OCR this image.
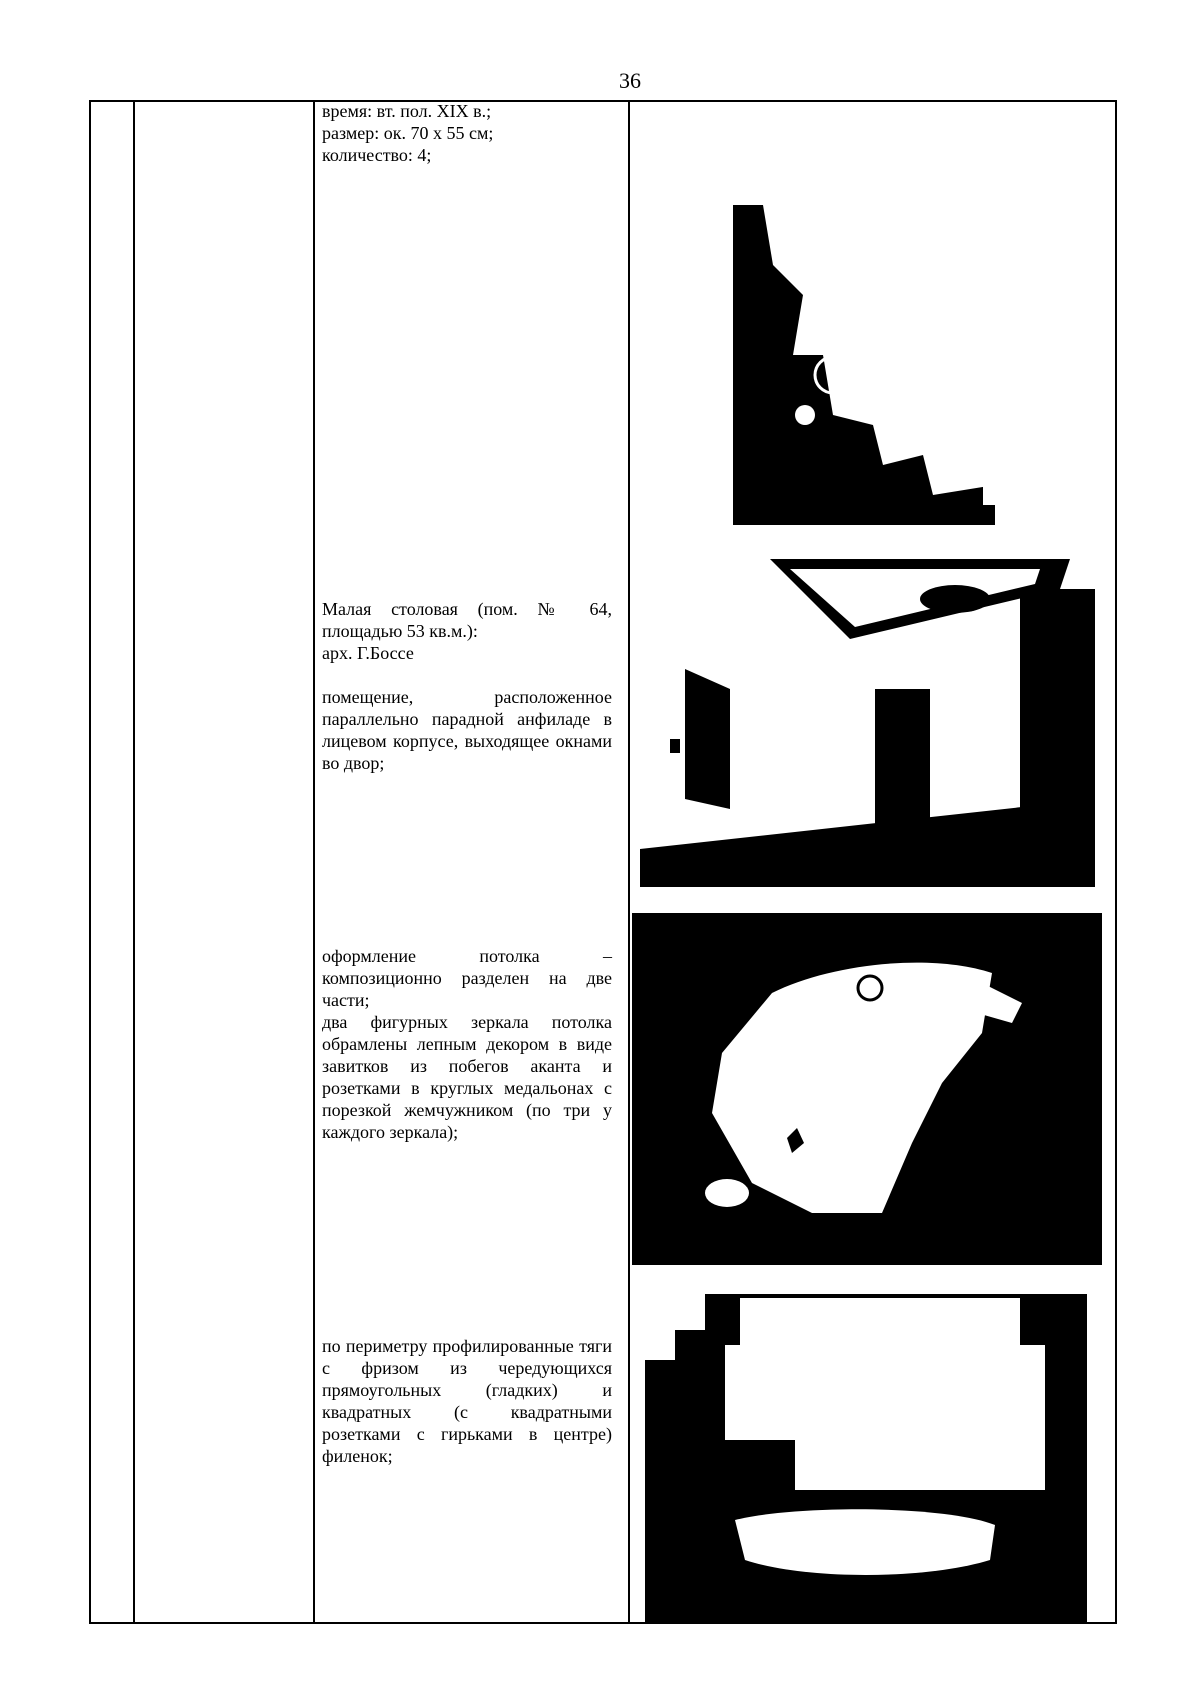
36

время: вт. пол. XIX в.;

размер: ок. 70 х 55 см;

количество: 4;

Малая столовая (пом. № 64,

площадью 53 кв.м.):

арх. Г.Боссе

помещение, расположенное параллельно парадной анфиладе в лицевом корпусе, выходящее окнами во двор;

оформление потолка – композиционно разделен на две части;

два фигурных зеркала потолка обрамлены лепным декором в виде завитков из побегов аканта и розетками в круглых медальонах с порезкой жемчужником (по три у каждого зеркала);

по периметру профилированные тяги с фризом из чередующихся прямоугольных (гладких) и квадратных (с квадратными розетками с гирьками в центре) филенок;
